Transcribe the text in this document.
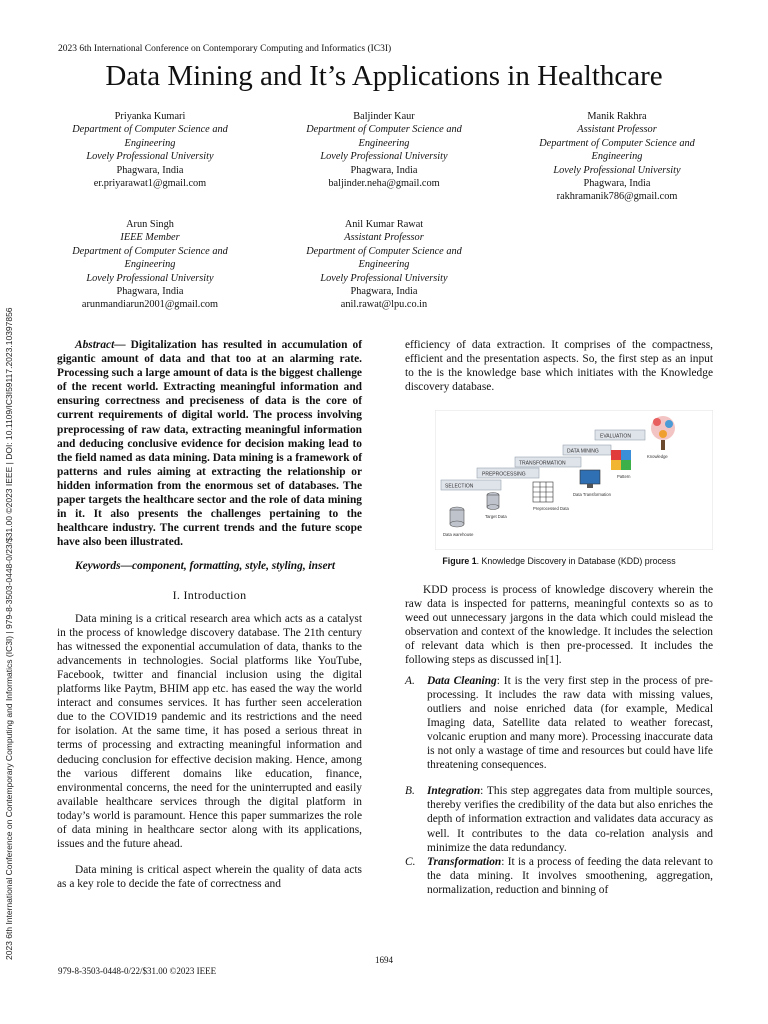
2023 6th International Conference on Contemporary Computing and Informatics (IC3I)
Data Mining and It’s Applications in Healthcare
2023 6th International Conference on Contemporary Computing and Informatics (IC3I) | 979-8-3503-0448-0/23/$31.00 ©2023 IEEE | DOI: 10.1109/IC3I59117.2023.10397856
Priyanka Kumari
Department of Computer Science and
Engineering
Lovely Professional University
Phagwara, India
er.priyarawat1@gmail.com
Baljinder Kaur
Department of Computer Science and
Engineering
Lovely Professional University
Phagwara, India
baljinder.neha@gmail.com
Manik Rakhra
Assistant Professor
Department of Computer Science and
Engineering
Lovely Professional University
Phagwara, India
rakhramanik786@gmail.com
Arun Singh
IEEE Member
Department of Computer Science and
Engineering
Lovely Professional University
Phagwara, India
arunmandiarun2001@gmail.com
Anil Kumar Rawat
Assistant Professor
Department of Computer Science and
Engineering
Lovely Professional University
Phagwara, India
anil.rawat@lpu.co.in

Abstract— Digitalization has resulted in accumulation of gigantic amount of data and that too at an alarming rate. Processing such a large amount of data is the biggest challenge of the recent world. Extracting meaningful information and ensuring correctness and preciseness of data is the core of current requirements of digital world. The process involving preprocessing of raw data, extracting meaningful information and deducing conclusive evidence for decision making lead to the field named as data mining. Data mining is a framework of patterns and rules aiming at extracting the relationship or hidden information from the enormous set of databases. The paper targets the healthcare sector and the role of data mining in it. It also presents the challenges pertaining to the healthcare industry. The current trends and the future scope have also been illustrated.

Keywords—component, formatting, style, styling, insert

I. Introduction

Data mining is a critical research area which acts as a catalyst in the process of knowledge discovery database. The 21th century has witnessed the exponential accumulation of data, thanks to the advancements in technologies. Social platforms like YouTube, Facebook, twitter and financial inclusion using the digital platforms like Paytm, BHIM app etc. has eased the way the world interact and consumes services. It has further seen acceleration due to the COVID19 pandemic and its restrictions and the need for isolation. At the same time, it has posed a serious threat in terms of processing and extracting meaningful information and deducing conclusion for effective decision making. Hence, among the various different domains like education, finance, environmental concerns, the need for the uninterrupted and easily available healthcare services through the digital platform in today’s world is paramount. Hence this paper summarizes the role of data mining in healthcare sector along with its applications, issues and the future ahead.

Data mining is critical aspect wherein the quality of data acts as a key role to decide the fate of correctness and

efficiency of data extraction. It comprises of the compactness, efficient and the presentation aspects. So, the first step as an input to the is the knowledge base which initiates with the Knowledge discovery database.

SELECTION
PREPROCESSING
TRANSFORMATION
DATA MINING
EVALUATION
Data warehouse
Target Data
Preprocessed Data
Data Transformation
Pattern
Knowledge
Figure 1. Knowledge Discovery in Database (KDD) process

KDD process is process of knowledge discovery wherein the raw data is inspected for patterns, meaningful contexts so as to weed out unnecessary jargons in the data which could mislead the observation and context of the knowledge. It includes the selection of relevant data which is then pre-processed. It includes the following steps as discussed in[1].

A. Data Cleaning: It is the very first step in the process of pre-processing. It includes the raw data with missing values, outliers and noise enriched data (for example, Medical Imaging data, Satellite data related to weather forecast, volcanic eruption and many more). Processing inaccurate data is not only a wastage of time and resources but could have life threatening consequences.
B. Integration: This step aggregates data from multiple sources, thereby verifies the credibility of the data but also enriches the depth of information extraction and validates data accuracy as well. It contributes to the data co-relation analysis and minimize the data redundancy.
C. Transformation: It is a process of feeding the data relevant to the data mining. It involves smoothening, aggregation, normalization, reduction and binning of
1694
979-8-3503-0448-0/22/$31.00 ©2023 IEEE
